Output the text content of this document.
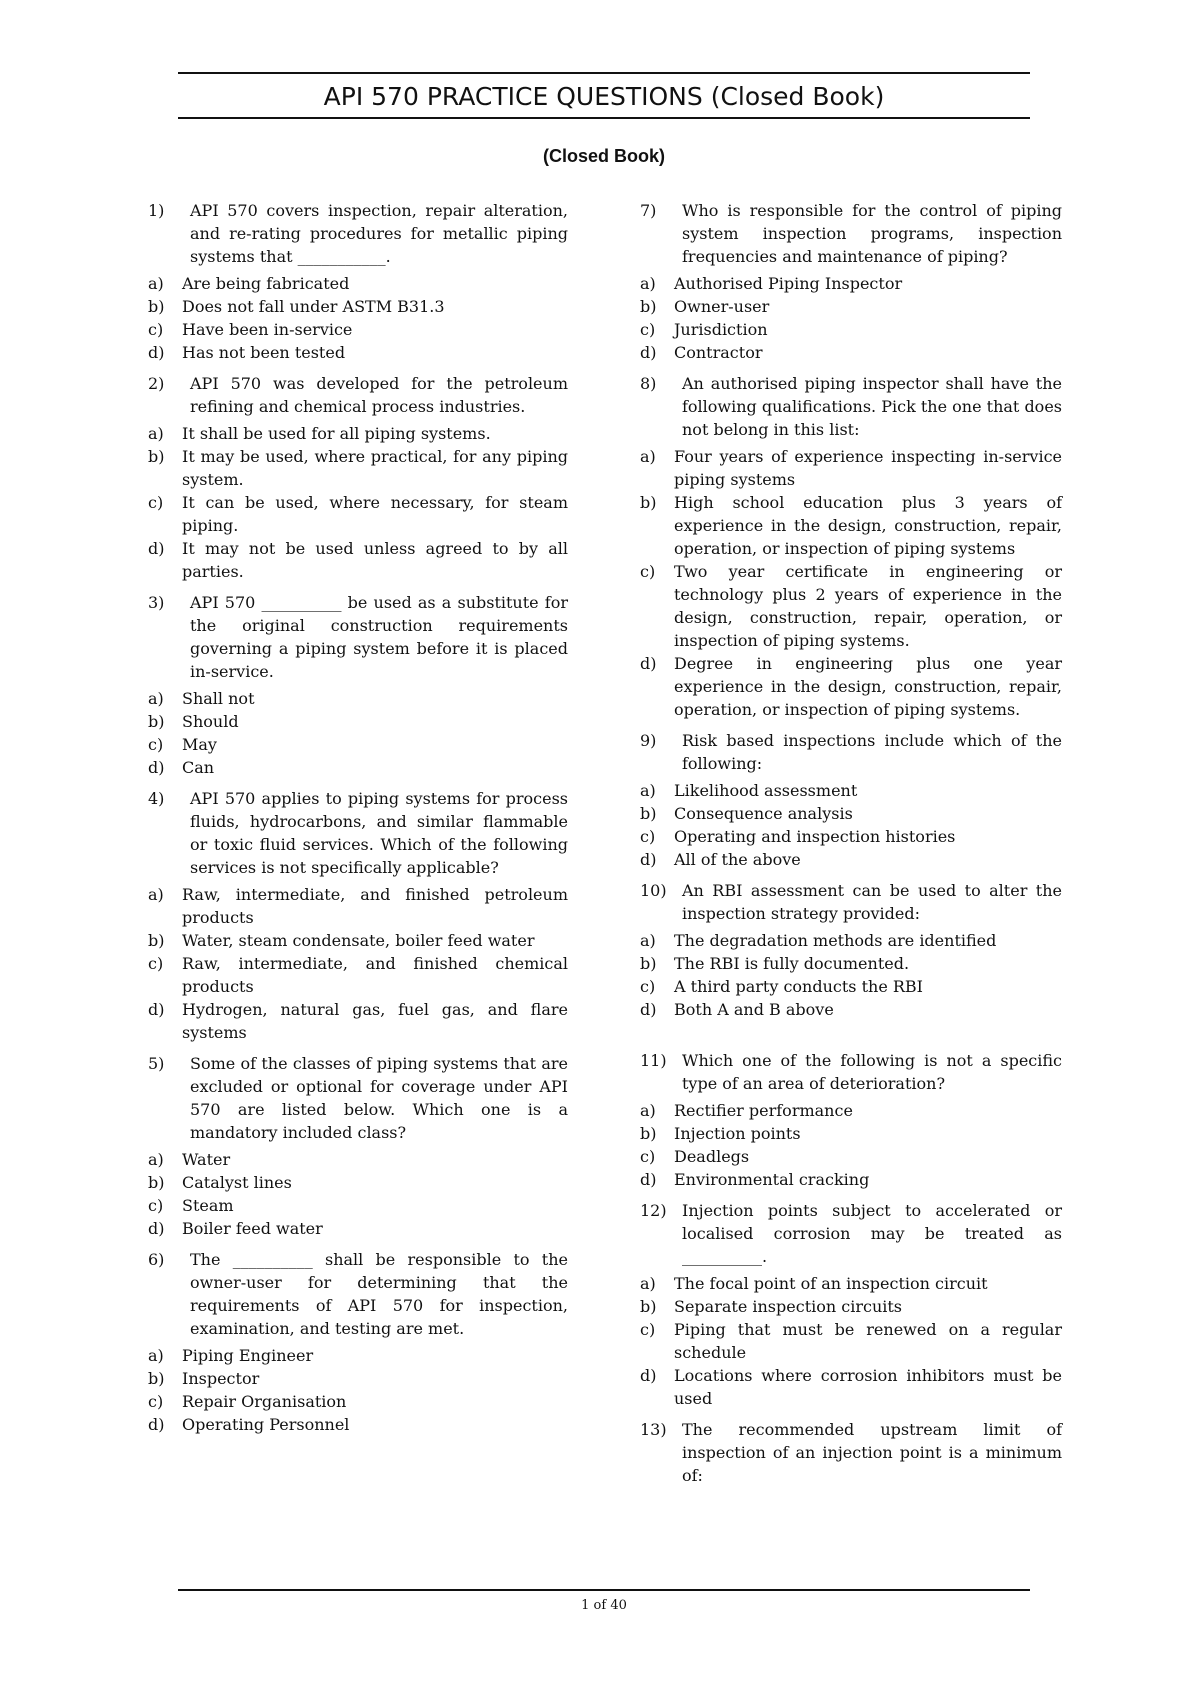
API 570 PRACTICE QUESTIONS (Closed Book)
(Closed Book)
1)	API 570 covers inspection, repair alteration, and re-rating procedures for metallic piping systems that ___________.
a)	Are being fabricated
b)	Does not fall under ASTM B31.3
c)	Have been in-service
d)	Has not been tested
2)	API 570 was developed for the petroleum refining and chemical process industries.
a)	It shall be used for all piping systems.
b)	It may be used, where practical, for any piping system.
c)	It can be used, where necessary, for steam piping.
d)	It may not be used unless agreed to by all parties.
3)	API 570 __________ be used as a substitute for the original construction requirements governing a piping system before it is placed in-service.
a)	Shall not
b)	Should
c)	May
d)	Can
4)	API 570 applies to piping systems for process fluids, hydrocarbons, and similar flammable or toxic fluid services. Which of the following services is not specifically applicable?
a)	Raw, intermediate, and finished petroleum products
b)	Water, steam condensate, boiler feed water
c)	Raw, intermediate, and finished chemical products
d)	Hydrogen, natural gas, fuel gas, and flare systems
5)	Some of the classes of piping systems that are excluded or optional for coverage under API 570 are listed below. Which one is a mandatory included class?
a)	Water
b)	Catalyst lines
c)	Steam
d)	Boiler feed water
6)	The __________ shall be responsible to the owner-user for determining that the requirements of API 570 for inspection, examination, and testing are met.
a)	Piping Engineer
b)	Inspector
c)	Repair Organisation
d)	Operating Personnel
7)	Who is responsible for the control of piping system inspection programs, inspection frequencies and maintenance of piping?
a)	Authorised Piping Inspector
b)	Owner-user
c)	Jurisdiction
d)	Contractor
8)	An authorised piping inspector shall have the following qualifications. Pick the one that does not belong in this list:
a)	Four years of experience inspecting in-service piping systems
b)	High school education plus 3 years of experience in the design, construction, repair, operation, or inspection of piping systems
c)	Two year certificate in engineering or technology plus 2 years of experience in the design, construction, repair, operation, or inspection of piping systems.
d)	Degree in engineering plus one year experience in the design, construction, repair, operation, or inspection of piping systems.
9)	Risk based inspections include which of the following:
a)	Likelihood assessment
b)	Consequence analysis
c)	Operating and inspection histories
d)	All of the above
10) An RBI assessment can be used to alter the inspection strategy provided:
a)	The degradation methods are identified
b)	The RBI is fully documented.
c)	A third party conducts the RBI
d)	Both A and B above
11) Which one of the following is not a specific type of an area of deterioration?
a)	Rectifier performance
b)	Injection points
c)	Deadlegs
d)	Environmental cracking
12) Injection points subject to accelerated or localised corrosion may be treated as __________.
a)	The focal point of an inspection circuit
b)	Separate inspection circuits
c)	Piping that must be renewed on a regular schedule
d)	Locations where corrosion inhibitors must be used
13) The recommended upstream limit of inspection of an injection point is a minimum of:
1 of 40
